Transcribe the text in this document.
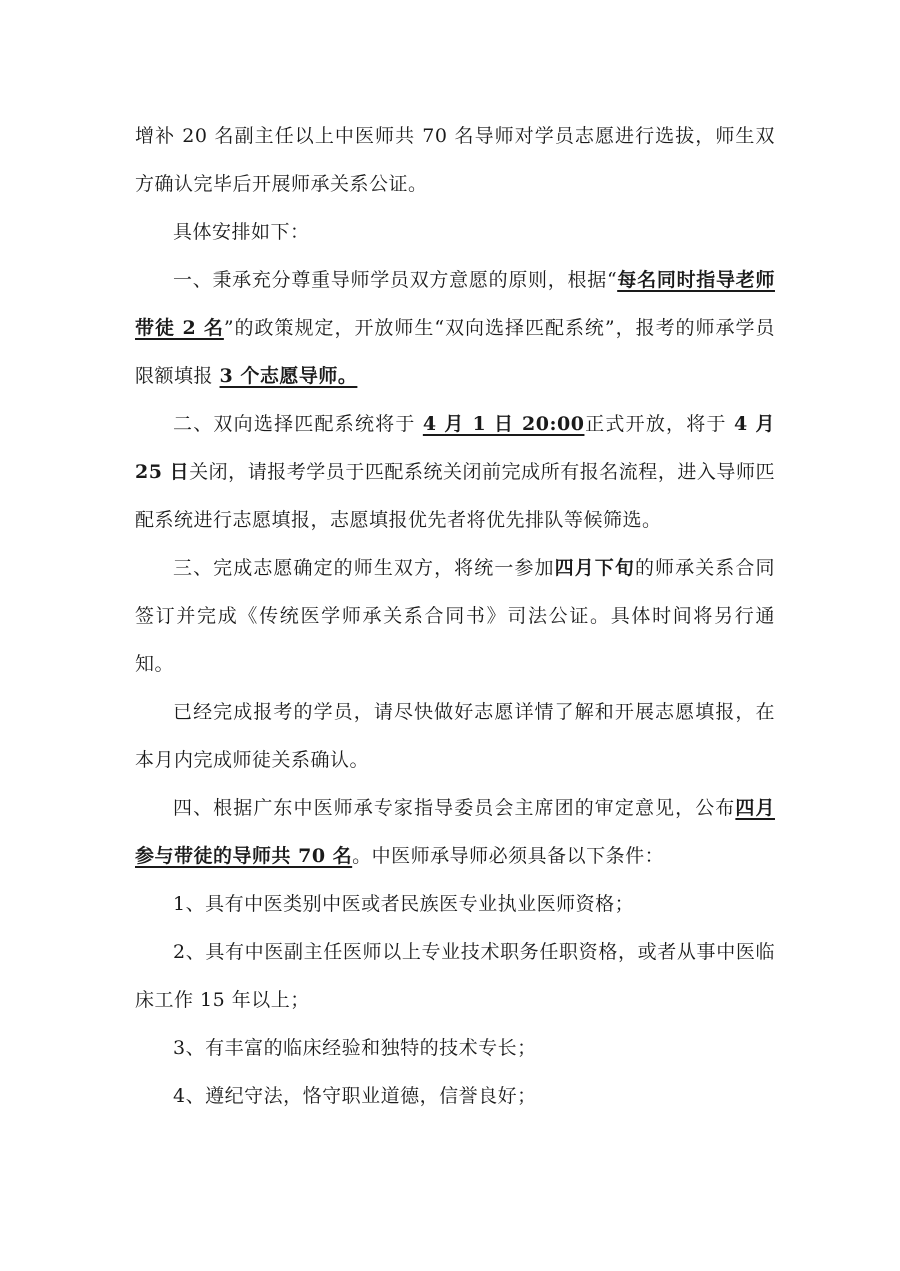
增补 20 名副主任以上中医师共 70 名导师对学员志愿进行选拔，师生双方确认完毕后开展师承关系公证。

具体安排如下：

一、秉承充分尊重导师学员双方意愿的原则，根据“每名同时指导老师带徒 2 名”的政策规定，开放师生“双向选择匹配系统”，报考的师承学员限额填报 3 个志愿导师。

二、双向选择匹配系统将于 4 月 1 日 20:00正式开放，将于 4 月 25 日关闭，请报考学员于匹配系统关闭前完成所有报名流程，进入导师匹配系统进行志愿填报，志愿填报优先者将优先排队等候筛选。

三、完成志愿确定的师生双方，将统一参加四月下旬的师承关系合同签订并完成《传统医学师承关系合同书》司法公证。具体时间将另行通知。

已经完成报考的学员，请尽快做好志愿详情了解和开展志愿填报，在本月内完成师徒关系确认。

四、根据广东中医师承专家指导委员会主席团的审定意见，公布四月参与带徒的导师共 70 名。中医师承导师必须具备以下条件：

1、具有中医类别中医或者民族医专业执业医师资格；

2、具有中医副主任医师以上专业技术职务任职资格，或者从事中医临床工作 15 年以上；

3、有丰富的临床经验和独特的技术专长；

4、遵纪守法，恪守职业道德，信誉良好；
